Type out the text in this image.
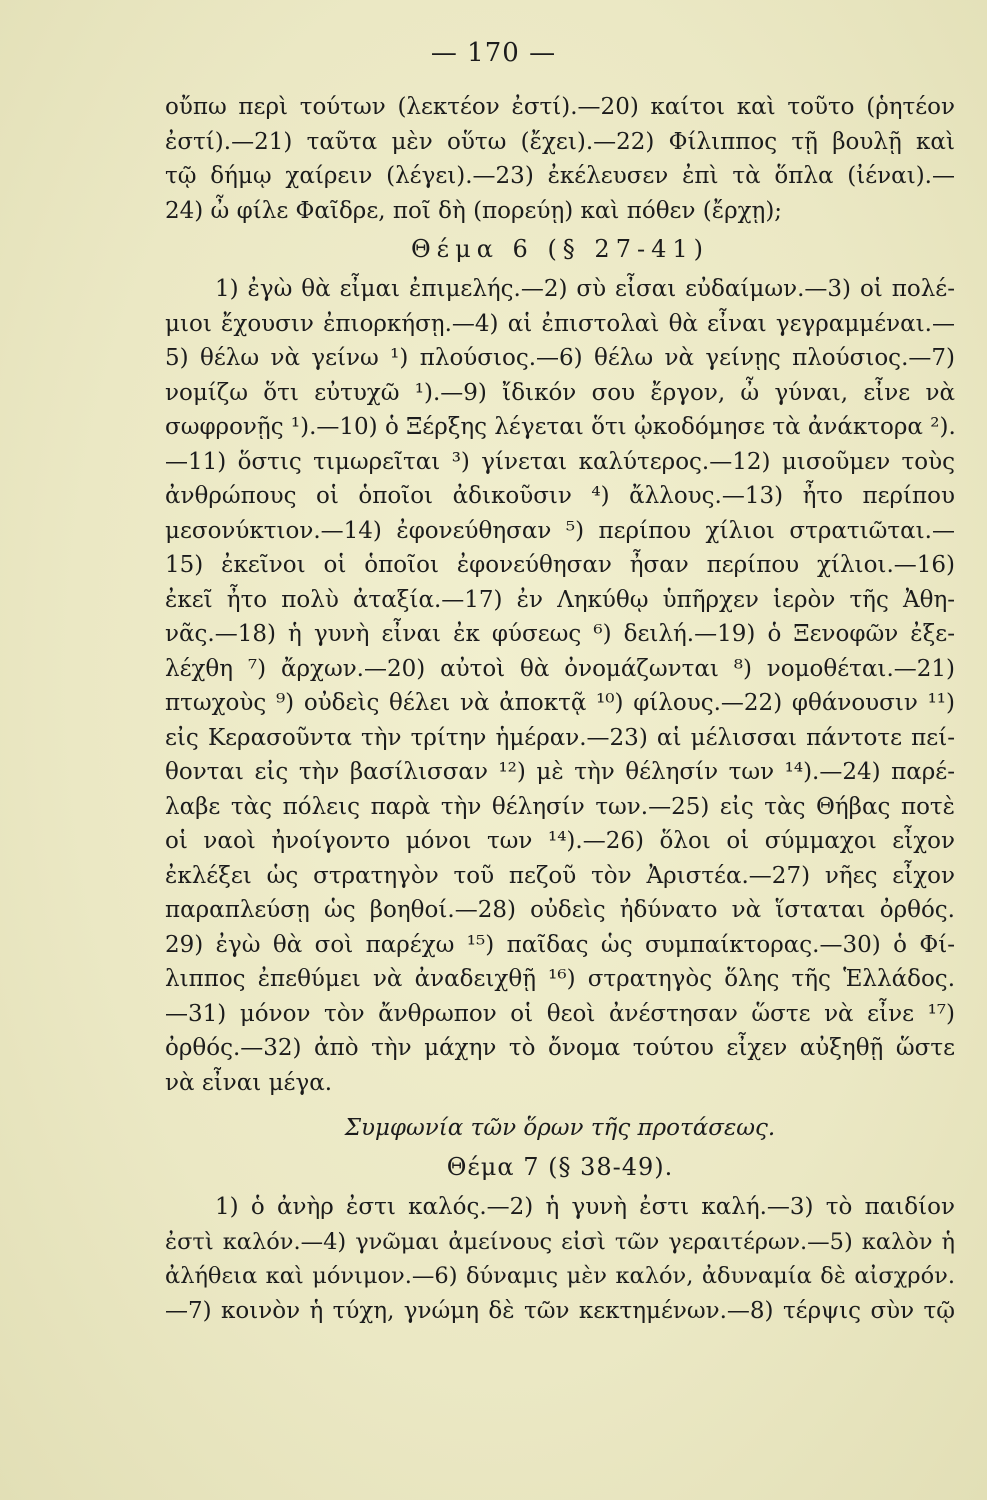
— 170 —
οὔπω περὶ τούτων (λεκτέον ἐστί).—20) καίτοι καὶ τοῦτο (ῥητέον
ἐστί).—21) ταῦτα μὲν οὕτω (ἔχει).—22) Φίλιππος τῇ βουλῇ καὶ
τῷ δήμῳ χαίρειν (λέγει).—23) ἐκέλευσεν ἐπὶ τὰ ὅπλα (ἰέναι).—
24) ὦ φίλε Φαῖδρε, ποῖ δὴ (πορεύῃ) καὶ πόθεν (ἔρχῃ);
Θέμα 6 (§ 27-41)
1) ἐγὼ θὰ εἶμαι ἐπιμελής.—2) σὺ εἶσαι εὐδαίμων.—3) οἱ πολέ-
μιοι ἔχουσιν ἐπιορκήσῃ.—4) αἱ ἐπιστολαὶ θὰ εἶναι γεγραμμέναι.—
5) θέλω νὰ γείνω ¹) πλούσιος.—6) θέλω νὰ γείνῃς πλούσιος.—7)
νομίζω ὅτι εὐτυχῶ ¹).—9) ἴδικόν σου ἔργον, ὦ γύναι, εἶνε νὰ
σωφρονῇς ¹).—10) ὁ Ξέρξης λέγεται ὅτι ᾠκοδόμησε τὰ ἀνάκτορα ²).
—11) ὅστις τιμωρεῖται ³) γίνεται καλύτερος.—12) μισοῦμεν τοὺς
ἀνθρώπους οἱ ὁποῖοι ἀδικοῦσιν ⁴) ἄλλους.—13) ἦτο περίπου
μεσονύκτιον.—14) ἐφονεύθησαν ⁵) περίπου χίλιοι στρατιῶται.—
15) ἐκεῖνοι οἱ ὁποῖοι ἐφονεύθησαν ἦσαν περίπου χίλιοι.—16)
ἐκεῖ ἦτο πολὺ ἀταξία.—17) ἐν Ληκύθῳ ὑπῆρχεν ἱερὸν τῆς Ἀθη-
νᾶς.—18) ἡ γυνὴ εἶναι ἐκ φύσεως ⁶) δειλή.—19) ὁ Ξενοφῶν ἐξε-
λέχθη ⁷) ἄρχων.—20) αὐτοὶ θὰ ὀνομάζωνται ⁸) νομοθέται.—21)
πτωχοὺς ⁹) οὐδεὶς θέλει νὰ ἀποκτᾷ ¹⁰) φίλους.—22) φθάνουσιν ¹¹)
εἰς Κερασοῦντα τὴν τρίτην ἡμέραν.—23) αἱ μέλισσαι πάντοτε πεί-
θονται εἰς τὴν βασίλισσαν ¹²) μὲ τὴν θέλησίν των ¹⁴).—24) παρέ-
λαβε τὰς πόλεις παρὰ τὴν θέλησίν των.—25) εἰς τὰς Θήβας ποτὲ
οἱ ναοὶ ἠνοίγοντο μόνοι των ¹⁴).—26) ὅλοι οἱ σύμμαχοι εἶχον
ἐκλέξει ὡς στρατηγὸν τοῦ πεζοῦ τὸν Ἀριστέα.—27) νῆες εἶχον
παραπλεύσῃ ὡς βοηθοί.—28) οὐδεὶς ἠδύνατο νὰ ἵσταται ὀρθός.
29) ἐγὼ θὰ σοὶ παρέχω ¹⁵) παῖδας ὡς συμπαίκτορας.—30) ὁ Φί-
λιππος ἐπεθύμει νὰ ἀναδειχθῇ ¹⁶) στρατηγὸς ὅλης τῆς Ἑλλάδος.
—31) μόνον τὸν ἄνθρωπον οἱ θεοὶ ἀνέστησαν ὥστε νὰ εἶνε ¹⁷)
ὀρθός.—32) ἀπὸ τὴν μάχην τὸ ὄνομα τούτου εἶχεν αὐξηθῇ ὥστε
νὰ εἶναι μέγα.
Συμφωνία τῶν ὅρων τῆς προτάσεως.
Θέμα 7 (§ 38-49).
1) ὁ ἀνὴρ ἐστι καλός.—2) ἡ γυνὴ ἐστι καλή.—3) τὸ παιδίον
ἐστὶ καλόν.—4) γνῶμαι ἀμείνους εἰσὶ τῶν γεραιτέρων.—5) καλὸν ἡ
ἀλήθεια καὶ μόνιμον.—6) δύναμις μὲν καλόν, ἀδυναμία δὲ αἰσχρόν.
—7) κοινὸν ἡ τύχη, γνώμη δὲ τῶν κεκτημένων.—8) τέρψις σὺν τῷ
